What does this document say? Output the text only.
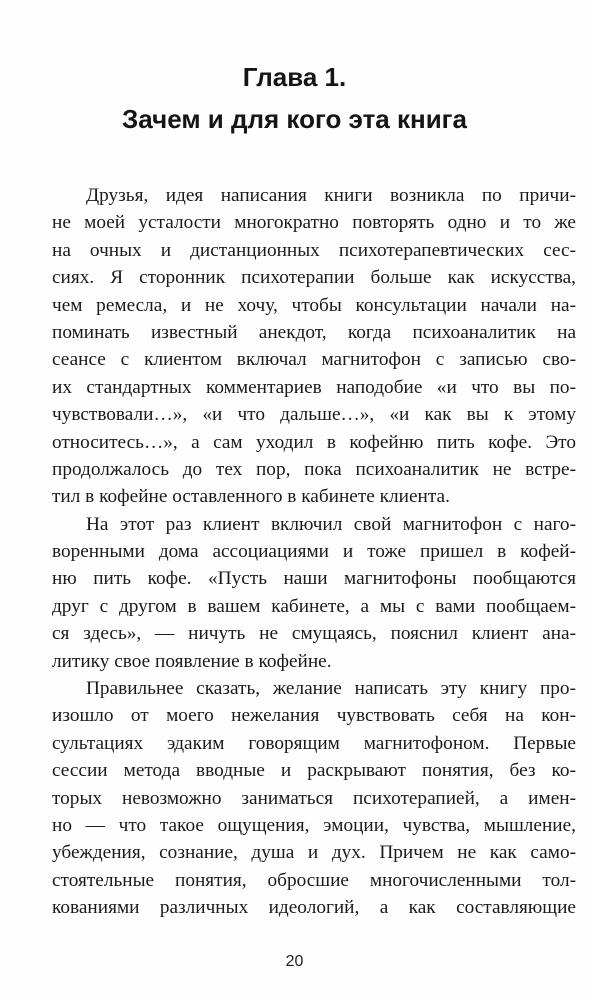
Глава 1.
Зачем и для кого эта книга
Друзья, идея написания книги возникла по причи-
не моей усталости многократно повторять одно и то же
на очных и дистанционных психотерапевтических сес-
сиях. Я сторонник психотерапии больше как искусства,
чем ремесла, и не хочу, чтобы консультации начали на-
поминать известный анекдот, когда психоаналитик на
сеансе с клиентом включал магнитофон с записью сво-
их стандартных комментариев наподобие «и что вы по-
чувствовали…», «и что дальше…», «и как вы к этому
относитесь…», а сам уходил в кофейню пить кофе. Это
продолжалось до тех пор, пока психоаналитик не встре-
тил в кофейне оставленного в кабинете клиента.
На этот раз клиент включил свой магнитофон с наго-
воренными дома ассоциациями и тоже пришел в кофей-
ню пить кофе. «Пусть наши магнитофоны пообщаются
друг с другом в вашем кабинете, а мы с вами пообщаем-
ся здесь», — ничуть не смущаясь, пояснил клиент ана-
литику свое появление в кофейне.
Правильнее сказать, желание написать эту книгу про-
изошло от моего нежелания чувствовать себя на кон-
сультациях эдаким говорящим магнитофоном. Первые
сессии метода вводные и раскрывают понятия, без ко-
торых невозможно заниматься психотерапией, а имен-
но — что такое ощущения, эмоции, чувства, мышление,
убеждения, сознание, душа и дух. Причем не как само-
стоятельные понятия, обросшие многочисленными тол-
кованиями различных идеологий, а как составляющие
20
